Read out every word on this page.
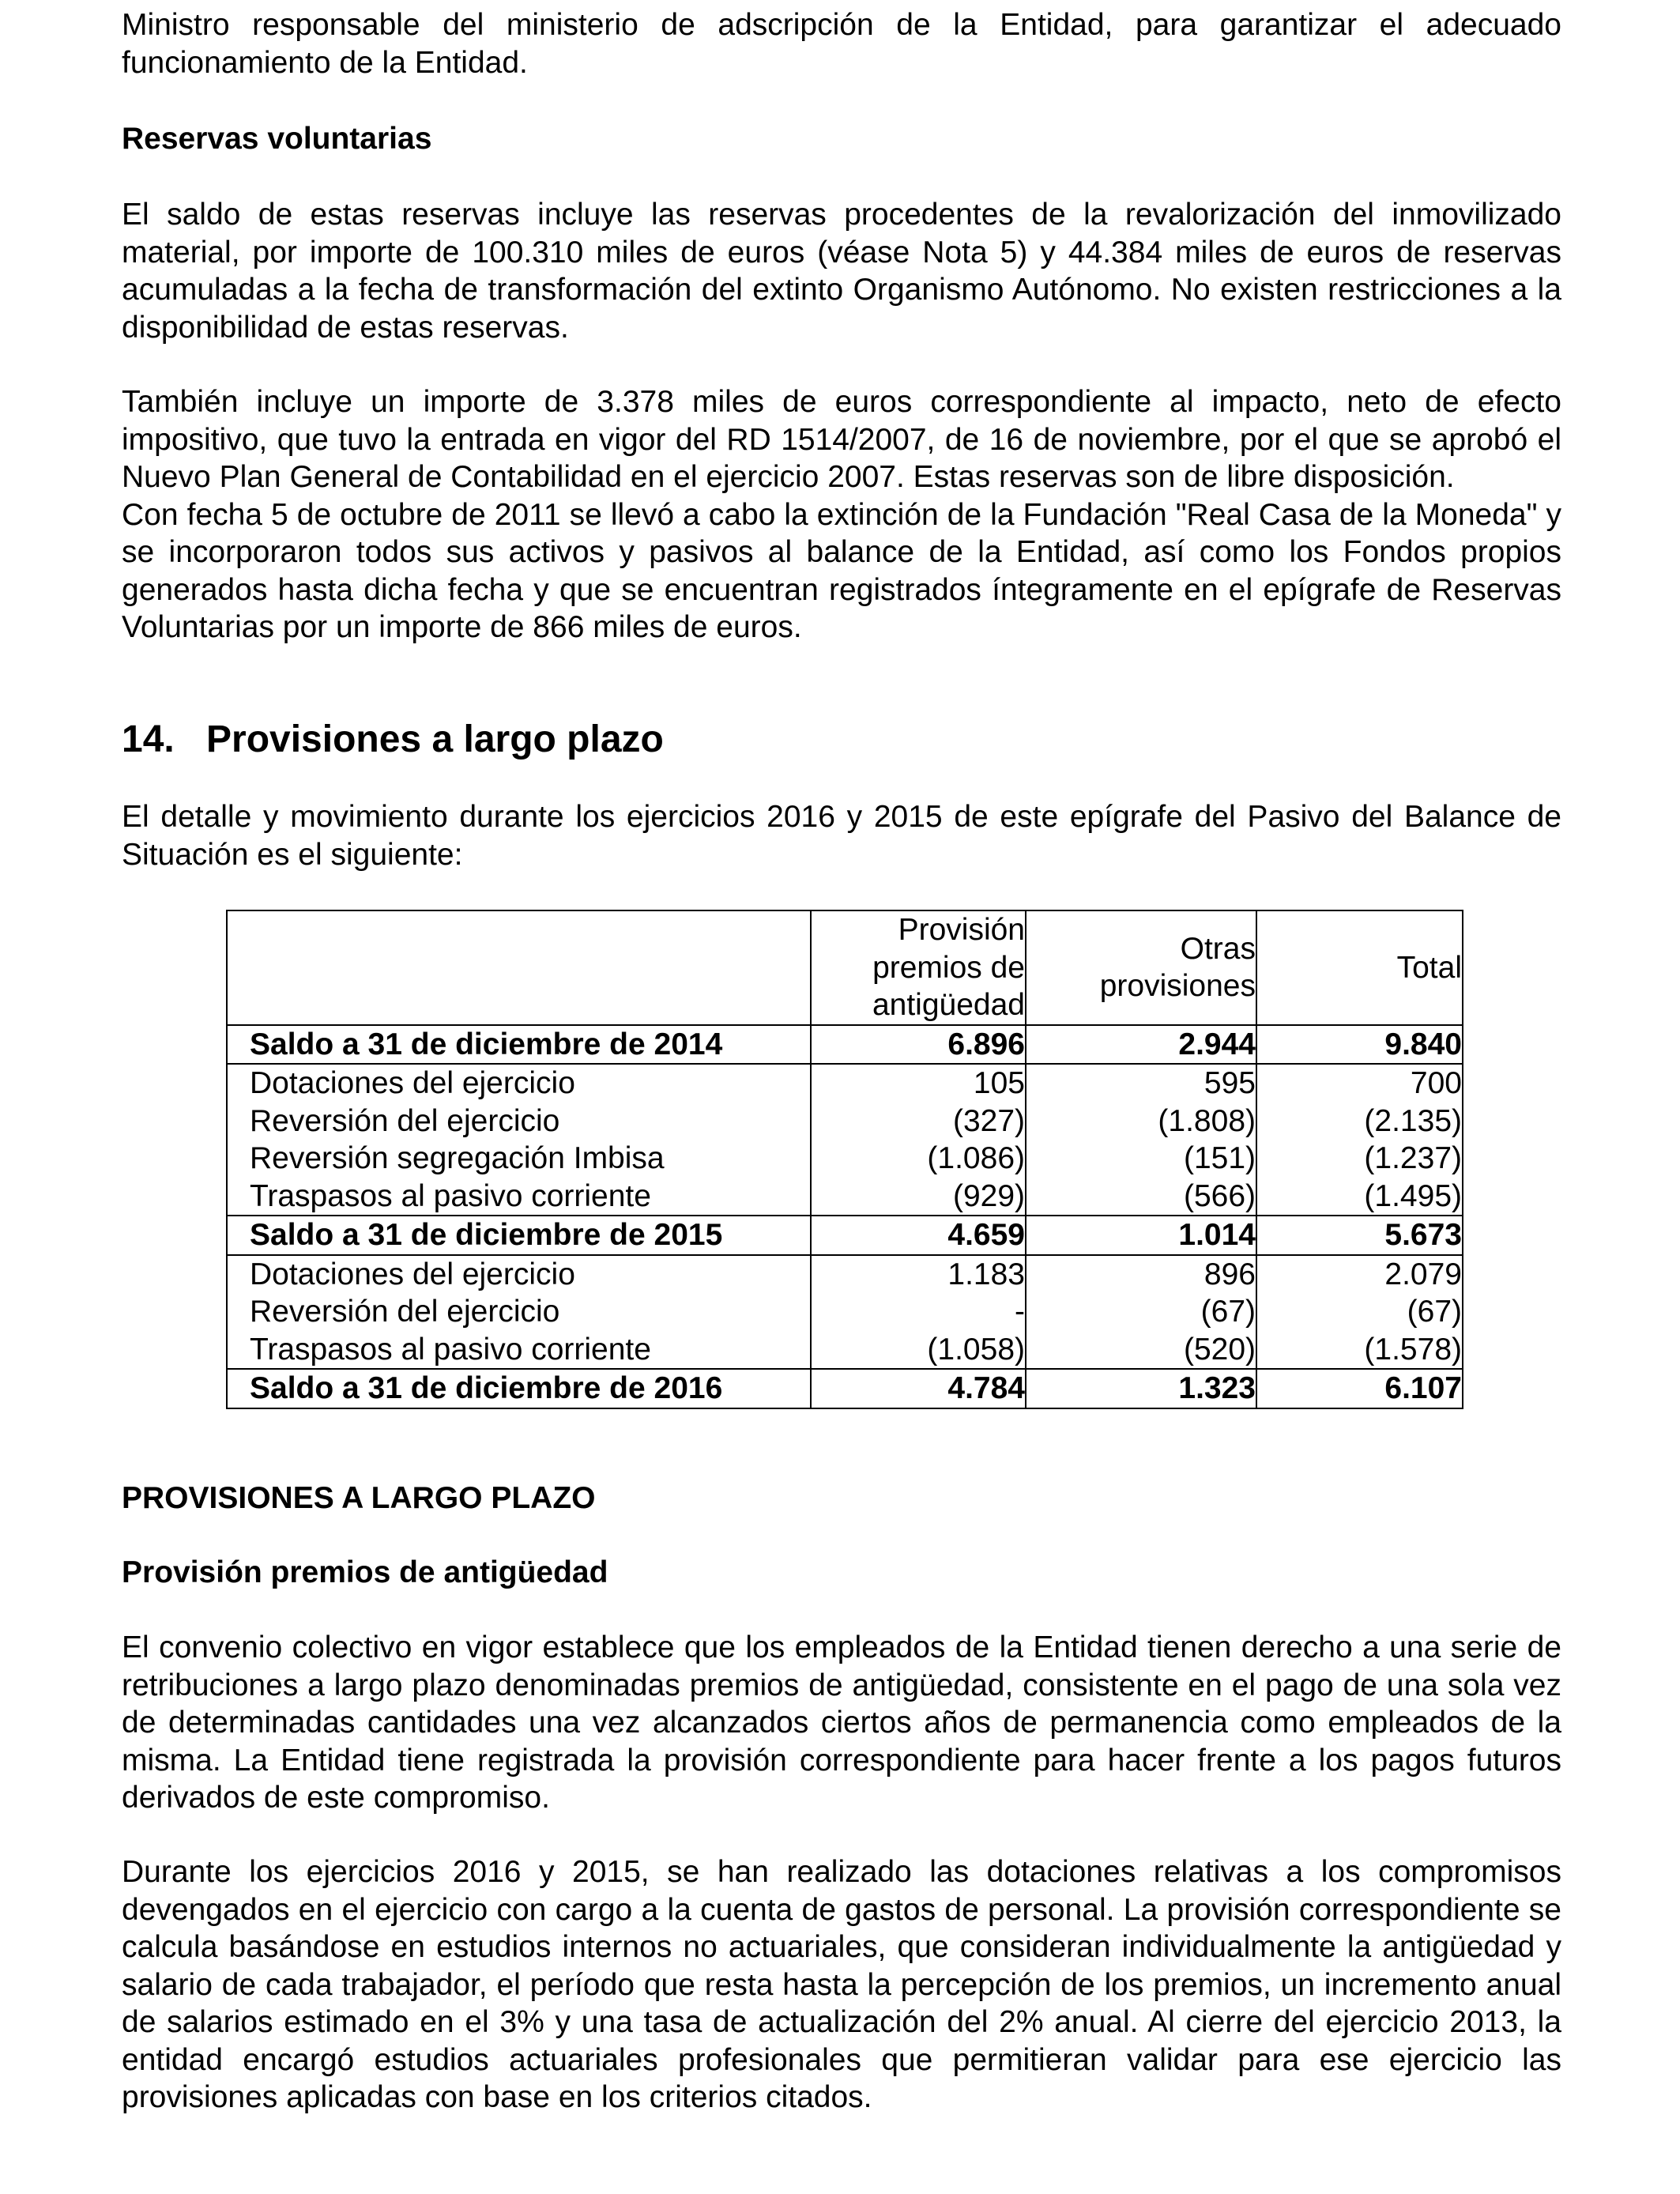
Ministro responsable del ministerio de adscripción de la Entidad, para garantizar el adecuado funcionamiento de la Entidad.

Reservas voluntarias

El saldo de estas reservas incluye las reservas procedentes de la revalorización del inmovilizado material, por importe de 100.310 miles de euros (véase Nota 5) y 44.384 miles de euros de reservas acumuladas a la fecha de transformación del extinto Organismo Autónomo. No existen restricciones a la disponibilidad de estas reservas.

También incluye un importe de 3.378 miles de euros correspondiente al impacto, neto de efecto impositivo, que tuvo la entrada en vigor del RD 1514/2007, de 16 de noviembre, por el que se aprobó el Nuevo Plan General de Contabilidad en el ejercicio 2007. Estas reservas son de libre disposición.

Con fecha 5 de octubre de 2011 se llevó a cabo la extinción de la Fundación "Real Casa de la Moneda" y se incorporaron todos sus activos y pasivos al balance de la Entidad, así como los Fondos propios generados hasta dicha fecha y que se encuentran registrados íntegramente en el epígrafe de Reservas Voluntarias por un importe de 866 miles de euros.

14. Provisiones a largo plazo

El detalle y movimiento durante los ejercicios 2016 y 2015 de este epígrafe del Pasivo del Balance de Situación es el siguiente:

	Provisión premios de antigüedad	Otras provisiones	Total
Saldo a 31 de diciembre de 2014	6.896	2.944	9.840
Dotaciones del ejercicio	105	595	700
Reversión del ejercicio	(327)	(1.808)	(2.135)
Reversión segregación Imbisa	(1.086)	(151)	(1.237)
Traspasos al pasivo corriente	(929)	(566)	(1.495)
Saldo a 31 de diciembre de 2015	4.659	1.014	5.673
Dotaciones del ejercicio	1.183	896	2.079
Reversión del ejercicio	-	(67)	(67)
Traspasos al pasivo corriente	(1.058)	(520)	(1.578)
Saldo a 31 de diciembre de 2016	4.784	1.323	6.107
PROVISIONES A LARGO PLAZO
Provisión premios de antigüedad

El convenio colectivo en vigor establece que los empleados de la Entidad tienen derecho a una serie de retribuciones a largo plazo denominadas premios de antigüedad, consistente en el pago de una sola vez de determinadas cantidades una vez alcanzados ciertos años de permanencia como empleados de la misma. La Entidad tiene registrada la provisión correspondiente para hacer frente a los pagos futuros derivados de este compromiso.

Durante los ejercicios 2016 y 2015, se han realizado las dotaciones relativas a los compromisos devengados en el ejercicio con cargo a la cuenta de gastos de personal. La provisión correspondiente se calcula basándose en estudios internos no actuariales, que consideran individualmente la antigüedad y salario de cada trabajador, el período que resta hasta la percepción de los premios, un incremento anual de salarios estimado en el 3% y una tasa de actualización del 2% anual. Al cierre del ejercicio 2013, la entidad encargó estudios actuariales profesionales que permitieran validar para ese ejercicio las provisiones aplicadas con base en los criterios citados.
